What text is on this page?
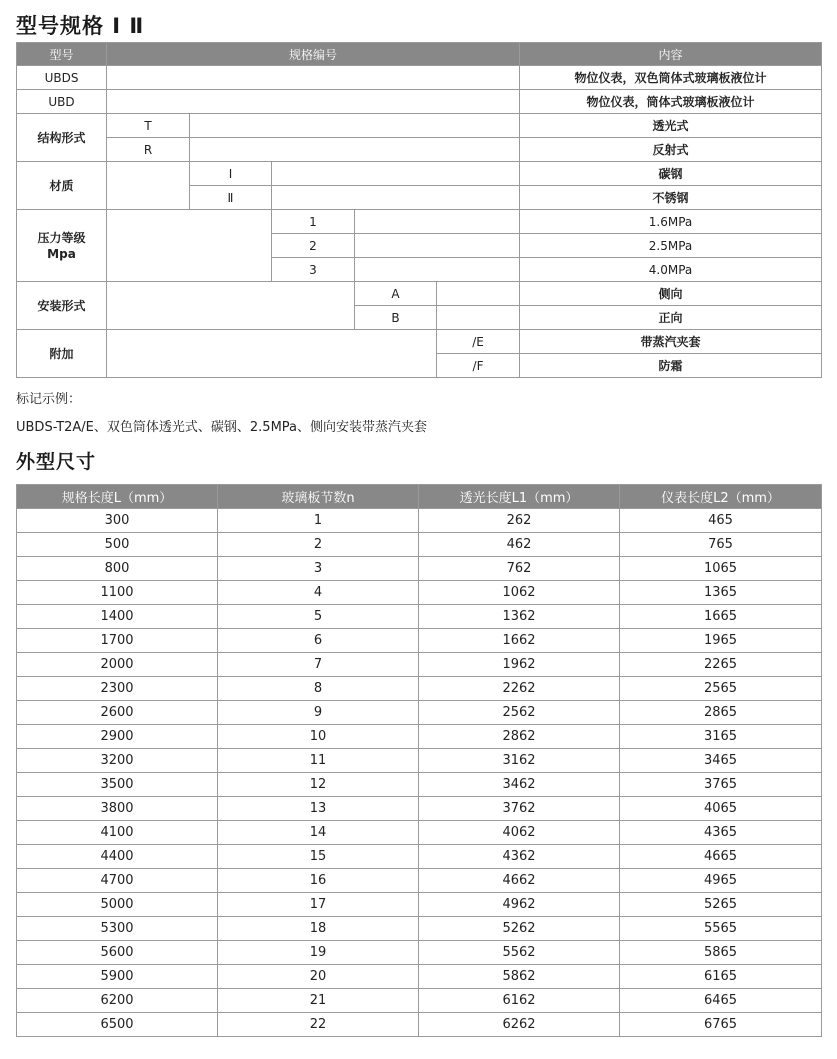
型号规格 Ⅰ Ⅱ
型号	规格编号					内容
UBDS						物位仪表，双色筒体式玻璃板液位计
UBD						物位仪表，筒体式玻璃板液位计
结构形式	T					透光式
	R					反射式
材质		Ⅰ				碳钢
		Ⅱ				不锈钢

压力等级
Mpa			1			1.6MPa
			2			2.5MPa
			3			4.0MPa
安装形式				A		侧向
				B		正向
附加					/E	带蒸汽夹套
					/F	防霜
标记示例：
UBDS-T2A/E、双色筒体透光式、碳钢、2.5MPa、侧向安装带蒸汽夹套
外型尺寸
规格长度L（mm）	玻璃板节数n	透光长度L1（mm）	仪表长度L2（mm）
300	1	262	465
500	2	462	765
800	3	762	1065
1100	4	1062	1365
1400	5	1362	1665
1700	6	1662	1965
2000	7	1962	2265
2300	8	2262	2565
2600	9	2562	2865
2900	10	2862	3165
3200	11	3162	3465
3500	12	3462	3765
3800	13	3762	4065
4100	14	4062	4365
4400	15	4362	4665
4700	16	4662	4965
5000	17	4962	5265
5300	18	5262	5565
5600	19	5562	5865
5900	20	5862	6165
6200	21	6162	6465
6500	22	6262	6765
